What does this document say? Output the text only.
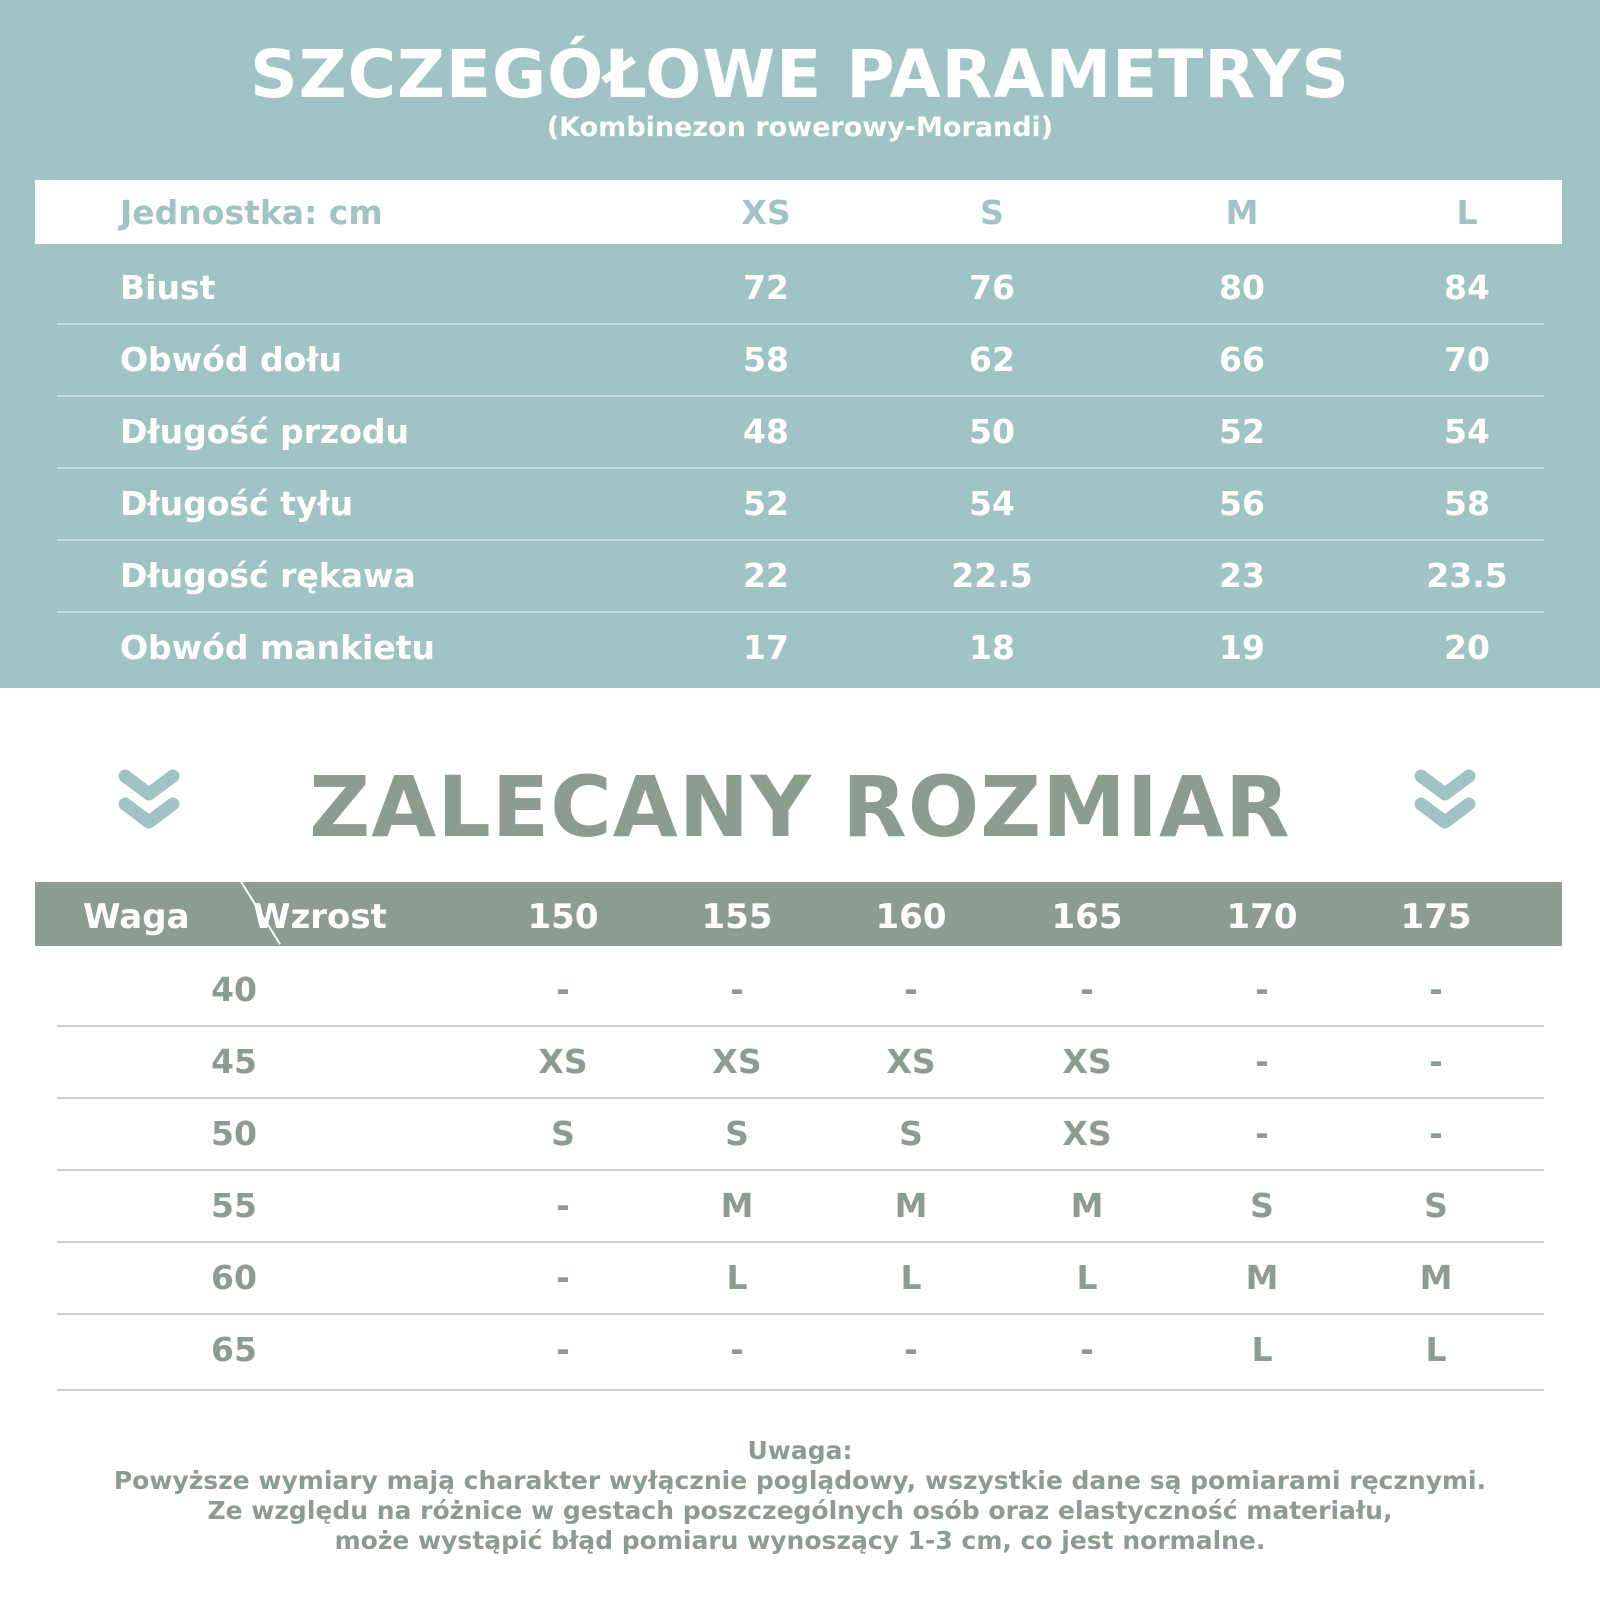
SZCZEGÓŁOWE PARAMETRYS
(Kombinezon rowerowy-Morandi)
Jednostka: cm	XS	S	M	L
Biust	72	76	80	84
Obwód dołu	58	62	66	70
Długość przodu	48	50	52	54
Długość tyłu	52	54	56	58
Długość rękawa	22	22.5	23	23.5
Obwód mankietu	17	18	19	20
ZALECANY ROZMIAR
Waga Wzrost	150	155	160	165	170	175
40	-	-	-	-	-	-
45	XS	XS	XS	XS	-	-
50	S	S	S	XS	-	-
55	-	M	M	M	S	S
60	-	L	L	L	M	M
65	-	-	-	-	L	L
Uwaga:
Powyższe wymiary mają charakter wyłącznie poglądowy, wszystkie dane są pomiarami ręcznymi.
Ze względu na różnice w gestach poszczególnych osób oraz elastyczność materiału,
może wystąpić błąd pomiaru wynoszący 1-3 cm, co jest normalne.
